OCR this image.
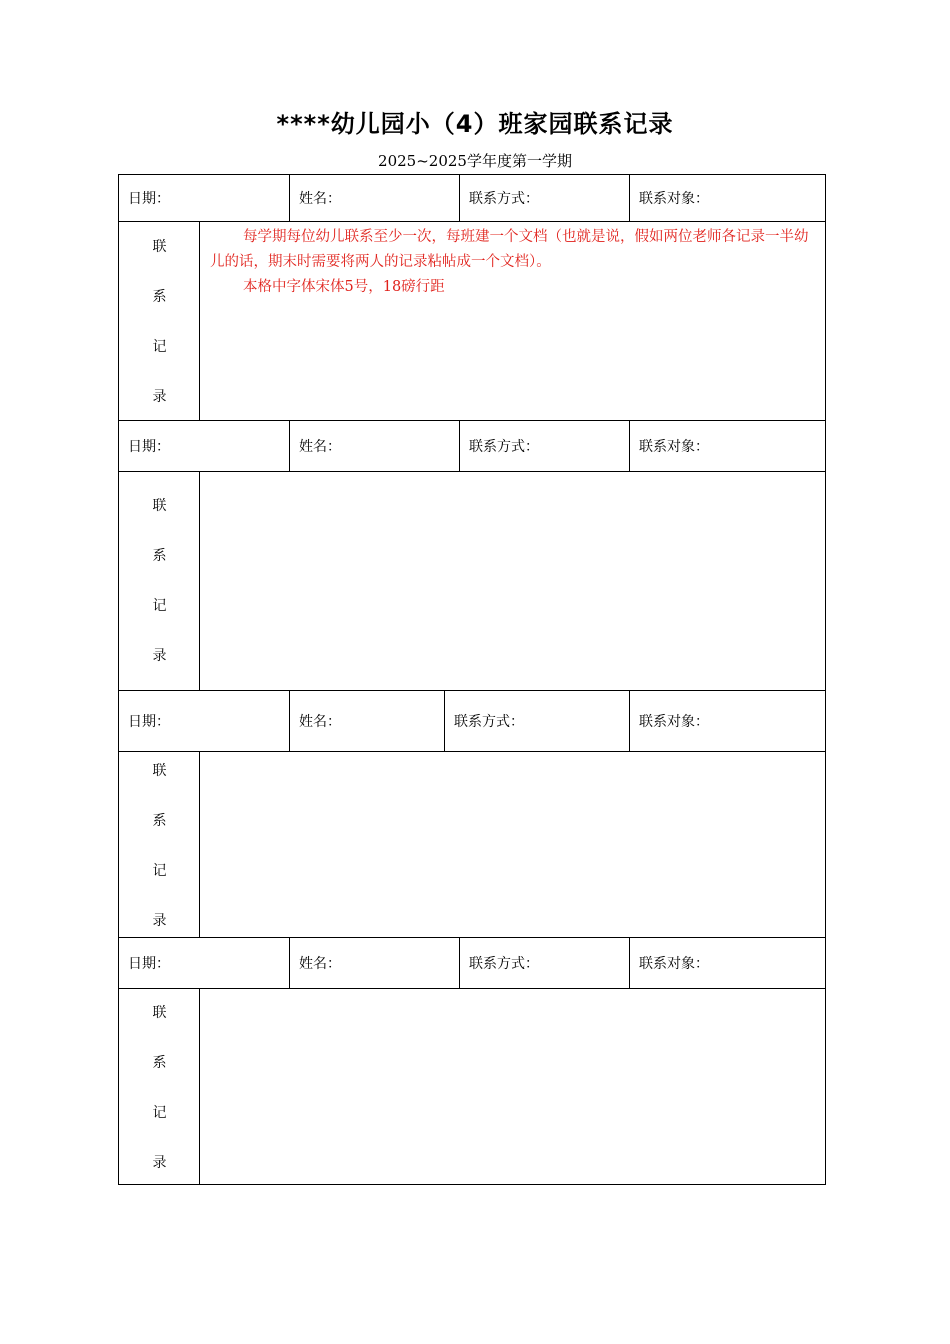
****幼儿园小（4）班家园联系记录
2025~2025学年度第一学期
日期：	姓名：	联系方式：	联系对象：
联
系
记
录

每学期每位幼儿联系至少一次，每班建一个文档（也就是说，假如两位老师各记录一半幼儿的话，期末时需要将两人的记录粘帖成一个文档）。

本格中字体宋体5号，18磅行距

日期：	姓名：	联系方式：	联系对象：
联
系
记
录
日期：	姓名：	联系方式：	联系对象：
联
系
记
录
日期：	姓名：	联系方式：	联系对象：
联
系
记
录
